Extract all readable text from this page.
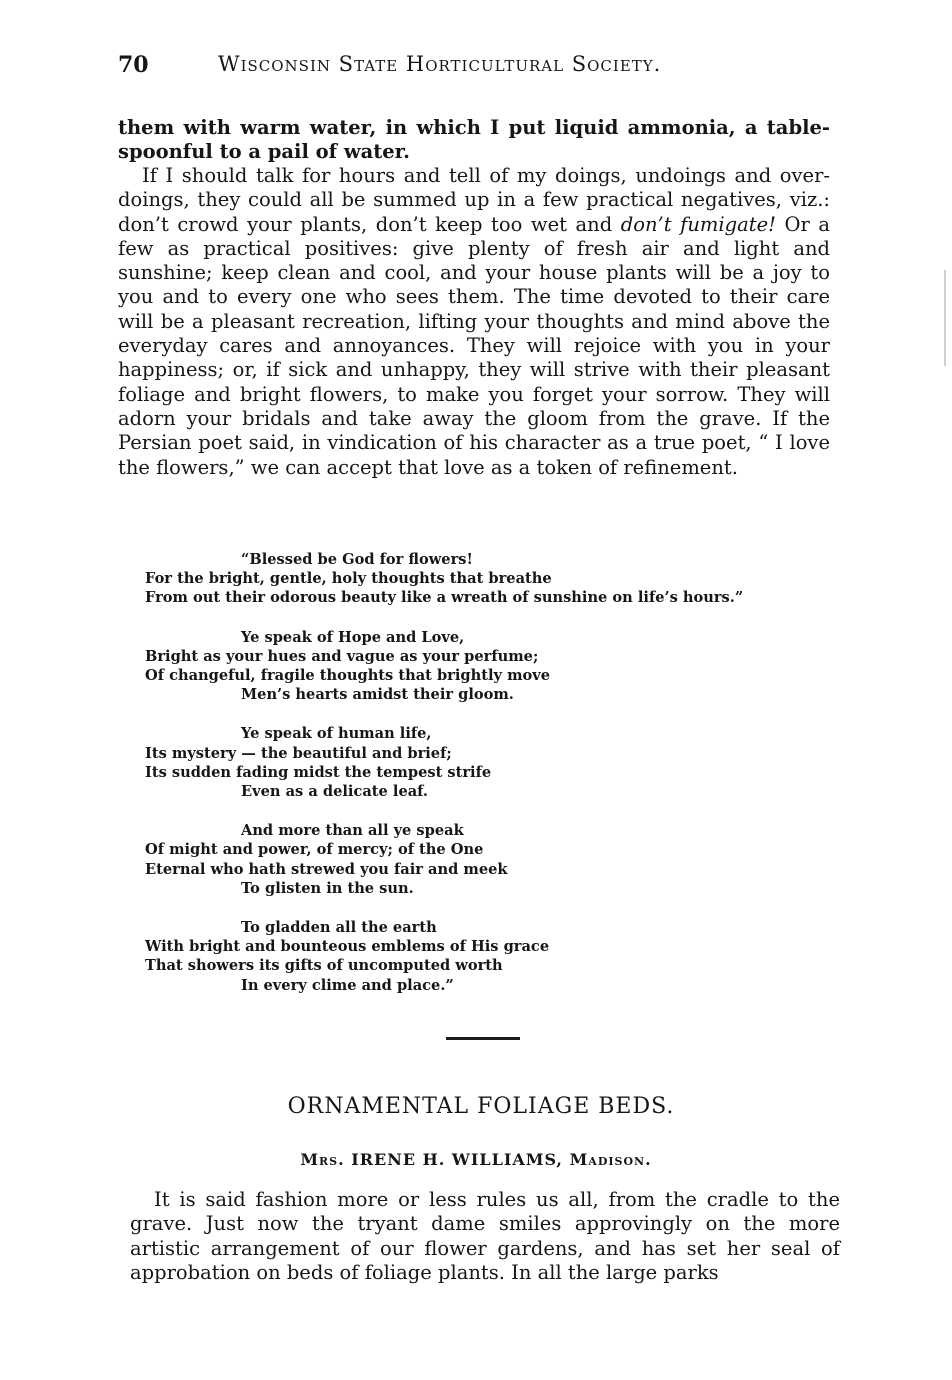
70	Wisconsin State Horticultural Society.

them with warm water, in which I put liquid ammonia, a table-spoonful to a pail of water.

If I should talk for hours and tell of my doings, undoings and over-doings, they could all be summed up in a few practical negatives, viz.: don’t crowd your plants, don’t keep too wet and don’t fumigate! Or a few as practical positives: give plenty of fresh air and light and sunshine; keep clean and cool, and your house plants will be a joy to you and to every one who sees them. The time devoted to their care will be a pleasant recreation, lifting your thoughts and mind above the everyday cares and annoyances. They will rejoice with you in your happiness; or, if sick and unhappy, they will strive with their pleasant foliage and bright flowers, to make you forget your sorrow. They will adorn your bridals and take away the gloom from the grave. If the Persian poet said, in vindication of his character as a true poet, “ I love the flowers,” we can accept that love as a token of refinement.

“Blessed be God for flowers!
For the bright, gentle, holy thoughts that breathe
From out their odorous beauty like a wreath of sunshine on life’s hours.”
Ye speak of Hope and Love,
Bright as your hues and vague as your perfume;
Of changeful, fragile thoughts that brightly move
Men’s hearts amidst their gloom.
Ye speak of human life,
Its mystery — the beautiful and brief;
Its sudden fading midst the tempest strife
Even as a delicate leaf.
And more than all ye speak
Of might and power, of mercy; of the One
Eternal who hath strewed you fair and meek
To glisten in the sun.
To gladden all the earth
With bright and bounteous emblems of His grace
That showers its gifts of uncomputed worth
In every clime and place.”
ORNAMENTAL FOLIAGE BEDS.
Mrs. IRENE H. WILLIAMS, Madison.

It is said fashion more or less rules us all, from the cradle to the grave. Just now the tryant dame smiles approvingly on the more artistic arrangement of our flower gardens, and has set her seal of approbation on beds of foliage plants. In all the large parks
